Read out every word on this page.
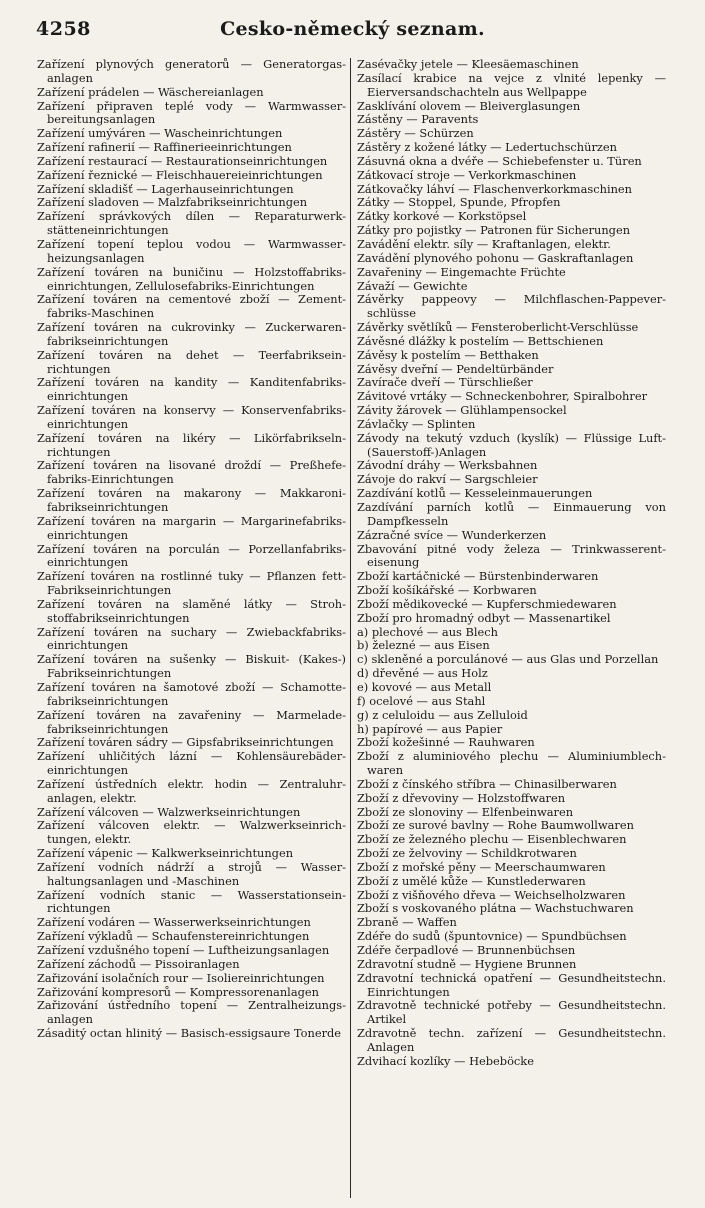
4258	Cesko-německý seznam.

Zařízení plynových generatorů — Generatorgas-anlagen

Zařízení prádelen — Wäschereianlagen

Zařízení připraven teplé vody — Warmwasser-bereitungsanlagen

Zařízení umýváren — Wascheinrichtungen

Zařízení rafinerií — Raffinerieeinrichtungen

Zařízení restaurací — Restaurationseinrichtungen

Zařízení řeznické — Fleischhauereieinrichtungen

Zařízení skladišť — Lagerhauseinrichtungen

Zařízení sladoven — Malzfabrikseinrichtungen

Zařízení správkových dílen — Reparaturwerk-stätteneinrichtungen

Zařízení topení teplou vodou — Warmwasser-heizungsanlagen

Zařízení továren na buničinu — Holzstoffabriks-einrichtungen, Zellulosefabriks-Einrichtungen

Zařízení továren na cementové zboží — Zement-fabriks-Maschinen

Zařízení továren na cukrovinky — Zuckerwaren-fabrikseinrichtungen

Zařízení továren na dehet — Teerfabriksein-richtungen

Zařízení továren na kandity — Kanditenfabriks-einrichtungen

Zařízení továren na konservy — Konservenfabriks-einrichtungen

Zařízení továren na likéry — Likörfabrikseln-richtungen

Zařízení továren na lisované droždí — Preßhefe-fabriks-Einrichtungen

Zařízení továren na makarony — Makkaroni-fabrikseinrichtungen

Zařízení továren na margarin — Margarinefabriks-einrichtungen

Zařízení továren na porculán — Porzellanfabriks-einrichtungen

Zařízení továren na rostlinné tuky — Pflanzen fett-Fabrikseinrichtungen

Zařízení továren na slaměné látky — Stroh-stoffabrikseinrichtungen

Zařízení továren na suchary — Zwiebackfabriks-einrichtungen

Zařízení továren na sušenky — Biskuit- (Kakes-) Fabrikseinrichtungen

Zařízení továren na šamotové zboží — Schamotte-fabrikseinrichtungen

Zařízení továren na zavařeniny — Marmelade-fabrikseinrichtungen

Zařízení továren sádry — Gipsfabrikseinrichtungen

Zařízení uhličitých lázní — Kohlensäurebäder-einrichtungen

Zařízení ústředních elektr. hodin — Zentraluhr-anlagen, elektr.

Zařízení válcoven — Walzwerkseinrichtungen

Zařízení válcoven elektr. — Walzwerkseinrich-tungen, elektr.

Zařízení vápenic — Kalkwerkseinrichtungen

Zařízení vodních nádrží a strojů — Wasser-haltungsanlagen und -Maschinen

Zařízení vodních stanic — Wasserstationsein-richtungen

Zařízení vodáren — Wasserwerkseinrichtungen

Zařízení výkladů — Schaufenstereinrichtungen

Zařízení vzdušného topení — Luftheizungsanlagen

Zařízení záchodů — Pissoiranlagen

Zařizování isolačních rour — Isoliereinrichtungen

Zařizování kompresorů — Kompressorenanlagen

Zařizování ústředního topení — Zentralheizungs-anlagen

Zásaditý octan hlinitý — Basisch-essigsaure Tonerde

Zasévačky jetele — Kleesäemaschinen

Zasílací krabice na vejce z vlnité lepenky — Eierversandschachteln aus Wellpappe

Zasklívání olovem — Bleiverglasungen

Zástěny — Paravents

Zástěry — Schürzen

Zástěry z kožené látky — Ledertuchschürzen

Zásuvná okna a dvéře — Schiebefenster u. Türen

Zátkovací stroje — Verkorkmaschinen

Zátkovačky láhví — Flaschenverkorkmaschinen

Zátky — Stoppel, Spunde, Pfropfen

Zátky korkové — Korkstöpsel

Zátky pro pojistky — Patronen für Sicherungen

Zavádění elektr. síly — Kraftanlagen, elektr.

Zavádění plynového pohonu — Gaskraftanlagen

Zavařeniny — Eingemachte Früchte

Závaží — Gewichte

Závěrky pappeovy — Milchflaschen-Pappever-schlüsse

Závěrky světlíků — Fensteroberlicht-Verschlüsse

Závěsné dlážky k postelím — Bettschienen

Závěsy k postelím — Betthaken

Závěsy dveřní — Pendeltürbänder

Zavírače dveří — Türschließer

Závitové vrtáky — Schneckenbohrer, Spiralbohrer

Závity žárovek — Glühlampensockel

Závlačky — Splinten

Závody na tekutý vzduch (kyslík) — Flüssige Luft- (Sauerstoff-)Anlagen

Závodní dráhy — Werksbahnen

Závoje do rakví — Sargschleier

Zazdívání kotlů — Kesseleinmauerungen

Zazdívání parních kotlů — Einmauerung von Dampfkesseln

Zázračné svíce — Wunderkerzen

Zbavování pitné vody železa — Trinkwasserent-eisenung

Zboží kartáčnické — Bürstenbinderwaren

Zboží košíkářské — Korbwaren

Zboží mědikovecké — Kupferschmiedewaren

Zboží pro hromadný odbyt — Massenartikel

a) plechové — aus Blech

b) železné — aus Eisen

c) skleněné a porculánové — aus Glas und Porzellan

d) dřevěné — aus Holz

e) kovové — aus Metall

f) ocelové — aus Stahl

g) z celuloidu — aus Zelluloid

h) papírové — aus Papier

Zboží kožešinné — Rauhwaren

Zboží z aluminiového plechu — Aluminiumblech-waren

Zboží z čínského stříbra — Chinasilberwaren

Zboží z dřevoviny — Holzstoffwaren

Zboží ze slonoviny — Elfenbeinwaren

Zboží ze surové bavlny — Rohe Baumwollwaren

Zboží ze železného plechu — Eisenblechwaren

Zboží ze želvoviny — Schildkrotwaren

Zboží z mořské pěny — Meerschaumwaren

Zboží z umělé kůže — Kunstlederwaren

Zboží z višňového dřeva — Weichselholzwaren

Zboží s voskovaného plátna — Wachstuchwaren

Zbraně — Waffen

Zdéře do sudů (špuntovnice) — Spundbüchsen

Zdéře čerpadlové — Brunnenbüchsen

Zdravotní studně — Hygiene Brunnen

Zdravotní technická opatření — Gesundheitstechn. Einrichtungen

Zdravotně technické potřeby — Gesundheitstechn. Artikel

Zdravotně techn. zařízení — Gesundheitstechn. Anlagen

Zdvihací kozlíky — Hebeböcke
